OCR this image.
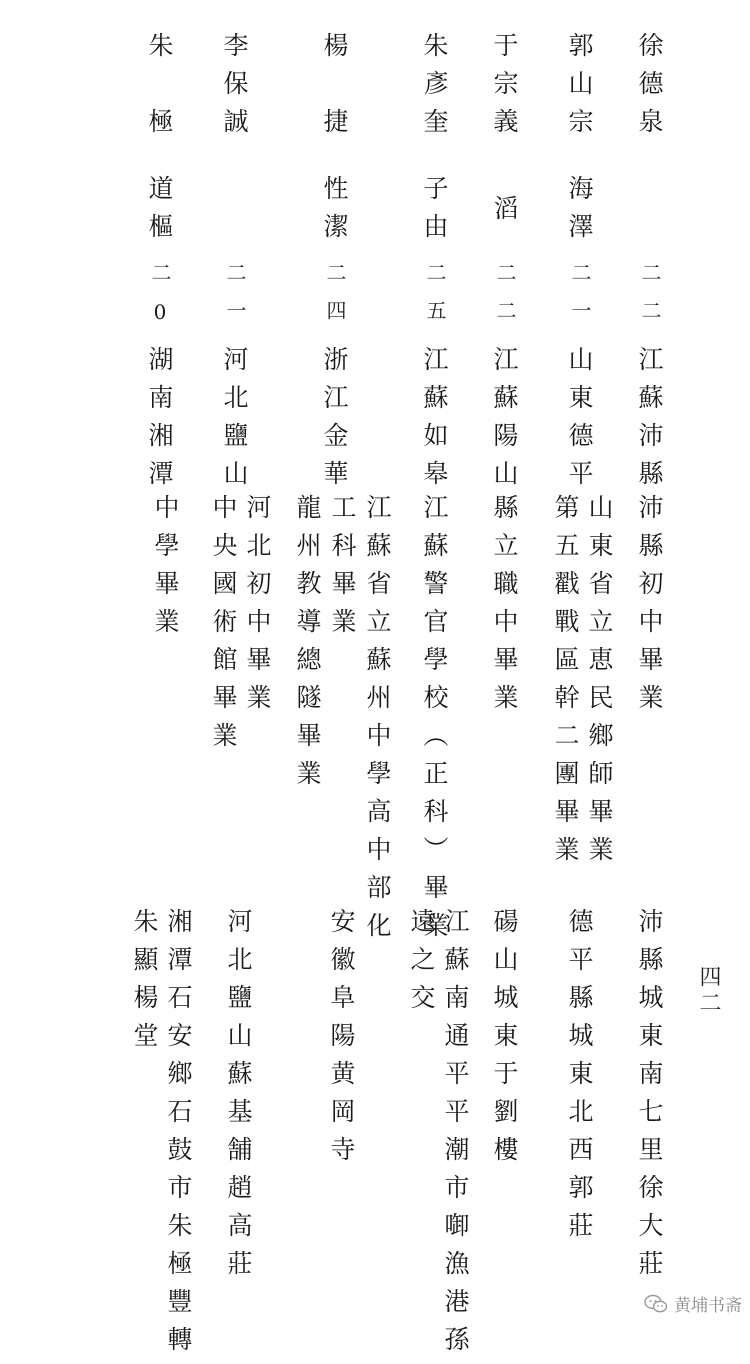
徐德泉
二二
江蘇沛縣
沛縣初中畢業
沛縣城東南七里徐大莊
郭山宗
海澤
二一
山東德平
山東省立恵民鄉師畢業
第五戳戰區幹二團畢業
德平縣城東北西郭莊
于宗義
滔
二二
江蘇陽山
縣立職中畢業
碭山城東于劉樓
朱彥奎
子由
二五
江蘇如皋
江蘇警官學校（正科）畢業
江蘇省立蘇州中學高中部化
江蘇南通平平潮市啣漁港孫
遠之交
楊　捷
性潔
二四
浙江金華
工科畢業
龍州教導總隧畢業
安徽阜陽黄岡寺
李保誠
二一
河北鹽山
河北初中畢業
中央國術館畢業
河北鹽山蘇基舗趙高莊
朱　極
道樞
二0
湖南湘潭
中學畢業
湘潭石安鄉石鼓市朱極豐轉
朱顯楊堂	四二
黄埔书斋
